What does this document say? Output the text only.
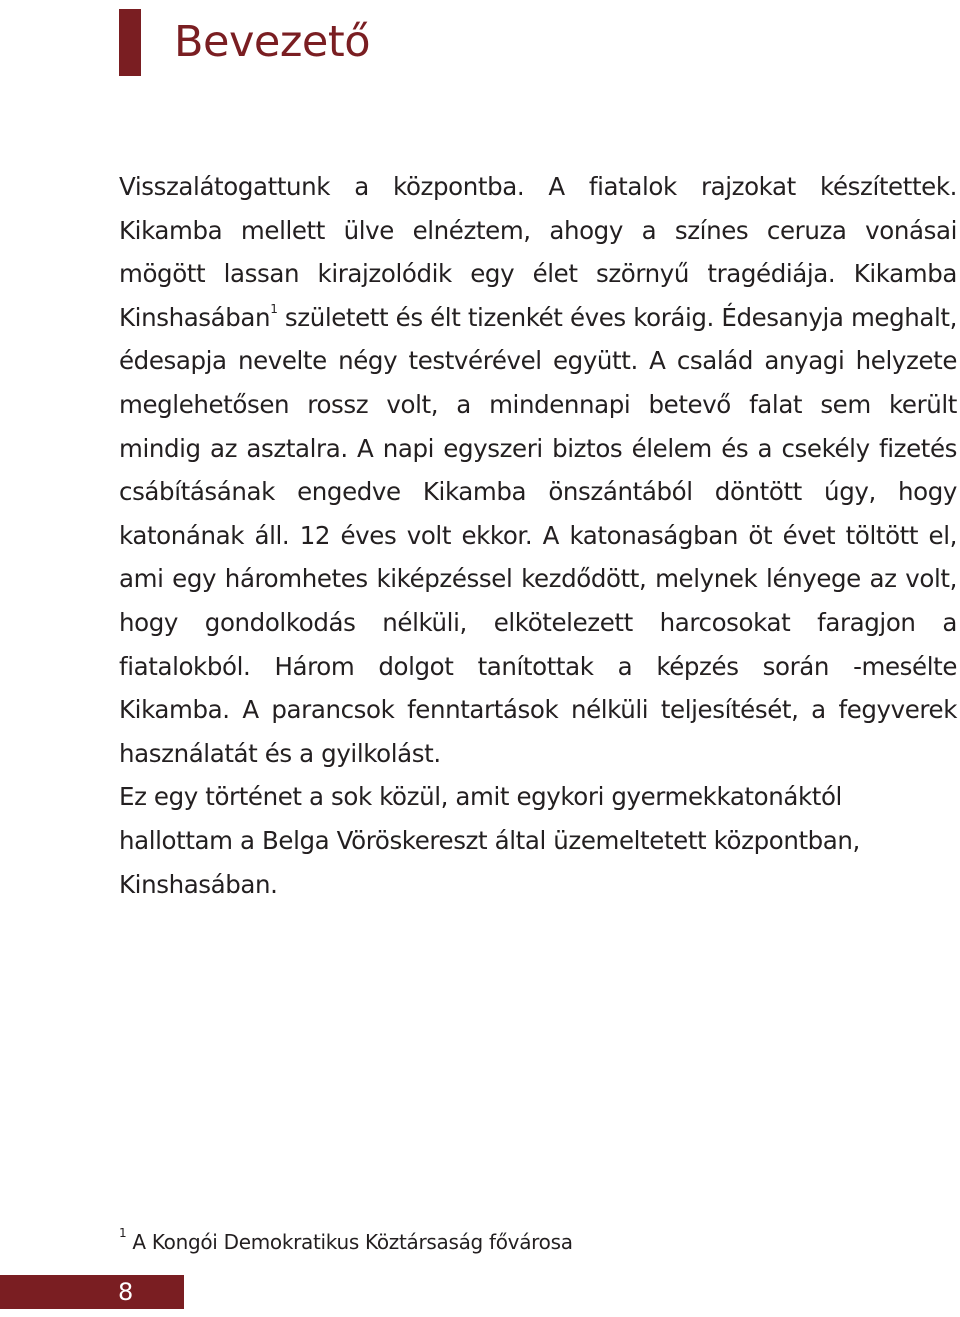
Bevezető

Visszalátogattunk a központba. A fiatalok rajzokat készítettek. Kikamba mellett ülve elnéztem, ahogy a színes ceruza vonásai mögött lassan kirajzolódik egy élet szörnyű tragédiája. Kikamba Kinshasában$^1$ született és élt tizenkét éves koráig. Édesanyja meghalt, édesapja nevelte négy testvérével együtt. A család anyagi helyzete meglehetősen rossz volt, a mindennapi betevő falat sem került mindig az asztalra. A napi egyszeri biztos élelem és a csekély fizetés csábításának engedve Kikamba önszántából döntött úgy, hogy katonának áll. 12 éves volt ekkor. A katonaságban öt évet töltött el, ami egy háromhetes kiképzéssel kezdődött, melynek lényege az volt, hogy gondolkodás nélküli, elkötelezett harcosokat faragjon a fiatalokból. Három dolgot tanítottak a képzés során -mesélte Kikamba. A parancsok fenntartások nélküli teljesítését, a fegyverek használatát és a gyilkolást.

Ez egy történet a sok közül, amit egykori gyermekkatonáktól hallottam a Belga Vöröskereszt által üzemeltetett központban, Kinshasában.

$^1$ A Kongói Demokratikus Köztársaság fővárosa
8
